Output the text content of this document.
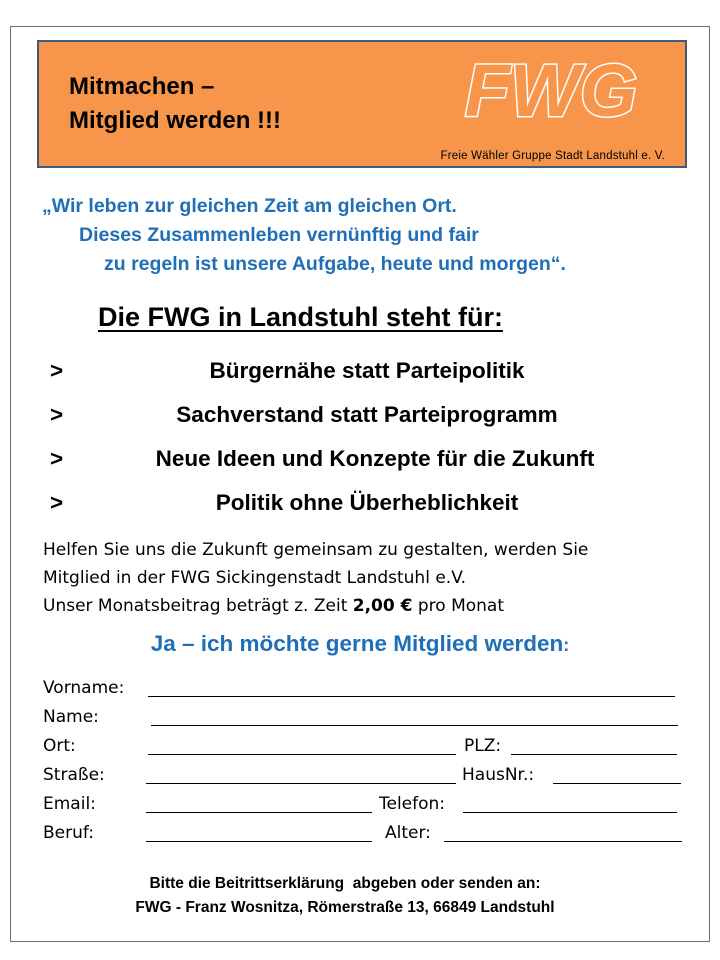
Mitmachen –
Mitglied werden !!! FWG
Freie Wähler Gruppe Stadt Landstuhl e. V.
„Wir leben zur gleichen Zeit am gleichen Ort.
Dieses Zusammenleben vernünftig und fair
zu regeln ist unsere Aufgabe, heute und morgen“.
Die FWG in Landstuhl steht für:
>	Bürgernähe statt Parteipolitik
>	Sachverstand statt Parteiprogramm
>	Neue Ideen und Konzepte für die Zukunft
>	Politik ohne Überheblichkeit
Helfen Sie uns die Zukunft gemeinsam zu gestalten, werden Sie
Mitglied in der FWG Sickingenstadt Landstuhl e.V.
Unser Monatsbeitrag beträgt z. Zeit 2,00 € pro Monat
Ja – ich möchte gerne Mitglied werden:
Vorname:
Name:
Ort:	PLZ:
Straße:	HausNr.:
Email:	Telefon:
Beruf:	Alter:
Bitte die Beitrittserklärung  abgeben oder senden an:
FWG - Franz Wosnitza, Römerstraße 13, 66849 Landstuhl
